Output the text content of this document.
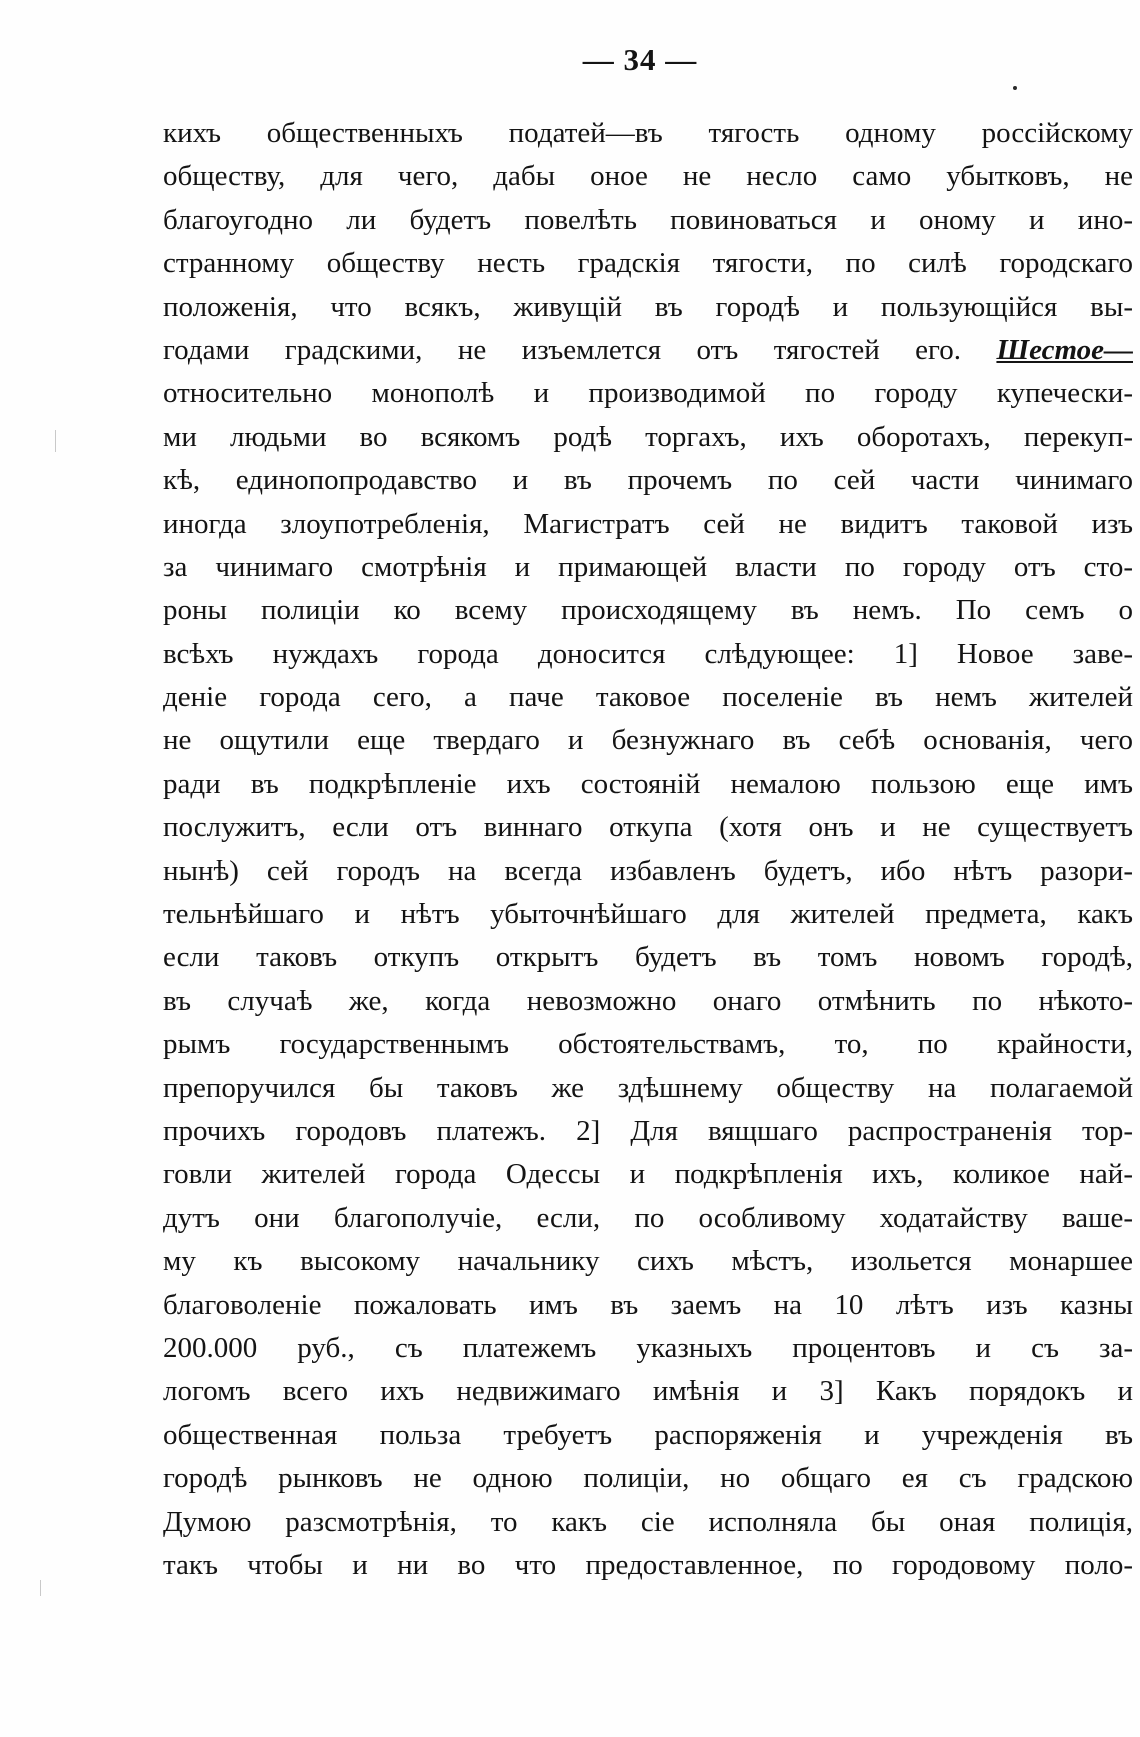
— 34 —
кихъ общественныхъ податей—въ тягость одному россійскому
обществу, для чего, дабы оное не несло само убытковъ, не
благоугодно ли будетъ повелѣть повиноваться и оному и ино-
странному обществу несть градскія тягости, по силѣ городскаго
положенія, что всякъ, живущій въ городѣ и пользующійся вы-
годами градскими, не изъемлется отъ тягостей его. Шестое—
относительно монополѣ и производимой по городу купечески-
ми людьми во всякомъ родѣ торгахъ, ихъ оборотахъ, перекуп-
кѣ, единопопродавство и въ прочемъ по сей части чинимаго
иногда злоупотребленія, Магистратъ сей не видитъ таковой изъ
за чинимаго смотрѣнія и примающей власти по городу отъ сто-
роны полиціи ко всему происходящему въ немъ. По семъ о
всѣхъ нуждахъ города доносится слѣдующее: 1] Новое заве-
деніе города сего, а паче таковое поселеніе въ немъ жителей
не ощутили еще твердаго и безнужнаго въ себѣ основанія, чего
ради въ подкрѣпленіе ихъ состояній немалою пользою еще имъ
послужитъ, если отъ виннаго откупа (хотя онъ и не существуетъ
нынѣ) сей городъ на всегда избавленъ будетъ, ибо нѣтъ разори-
тельнѣйшаго и нѣтъ убыточнѣйшаго для жителей предмета, какъ
если таковъ откупъ открытъ будетъ въ томъ новомъ городѣ,
въ случаѣ же, когда невозможно онаго отмѣнить по нѣкото-
рымъ государственнымъ обстоятельствамъ, то, по крайности,
препоручился бы таковъ же здѣшнему обществу на полагаемой
прочихъ городовъ платежъ. 2] Для вящшаго распространенія тор-
говли жителей города Одессы и подкрѣпленія ихъ, коликое най-
дутъ они благополучіе, если, по особливому ходатайству ваше-
му къ высокому начальнику сихъ мѣстъ, изольется монаршее
благоволеніе пожаловать имъ въ заемъ на 10 лѣтъ изъ казны
200.000 руб., съ платежемъ указныхъ процентовъ и съ за-
логомъ всего ихъ недвижимаго имѣнія и 3] Какъ порядокъ и
общественная польза требуетъ распоряженія и учрежденія въ
городѣ рынковъ не одною полиціи, но общаго ея съ градскою
Думою разсмотрѣнія, то какъ сіе исполняла бы оная полиція,
такъ чтобы и ни во что предоставленное, по городовому поло-
